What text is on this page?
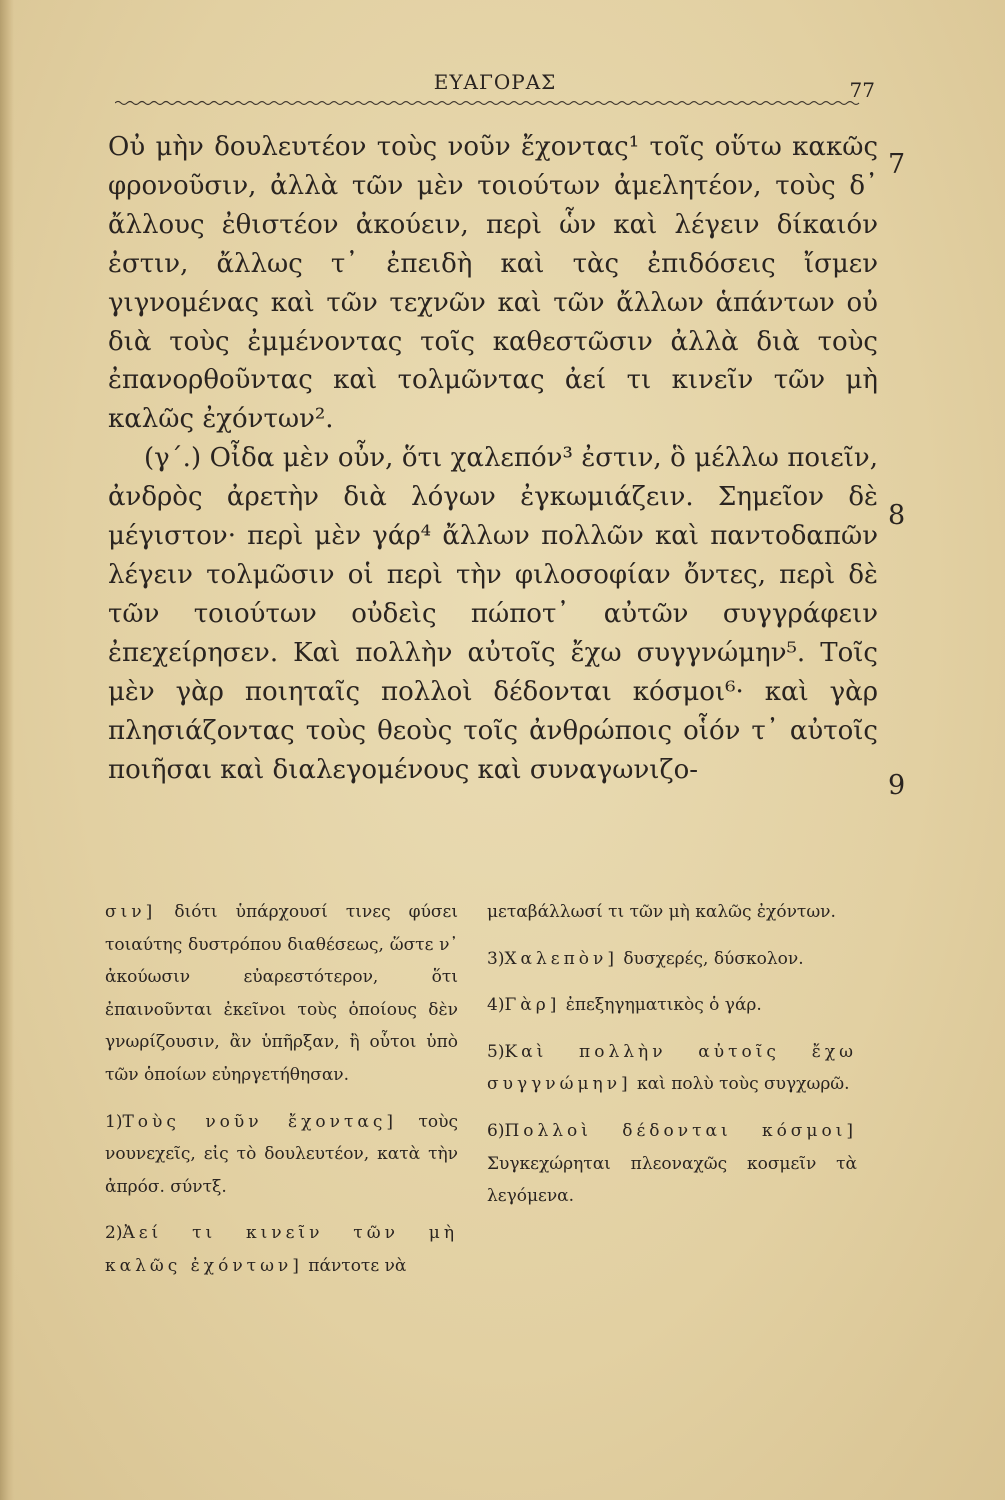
ΕΥΑΓΟΡΑΣ	77

Οὐ μὴν δουλευτέον τοὺς νοῦν ἔχοντας¹ τοῖς οὕτω κακῶς φρονοῦσιν, ἀλλὰ τῶν μὲν τοιούτων ἀμελητέον, τοὺς δ᾽ ἄλλους ἐθιστέον ἀκούειν, περὶ ὧν καὶ λέγειν δίκαιόν ἐστιν, ἄλλως τ᾽ ἐπειδὴ καὶ τὰς ἐπιδόσεις ἴσμεν γιγνομένας καὶ τῶν τεχνῶν καὶ τῶν ἄλλων ἁπάντων οὐ διὰ τοὺς ἐμμένοντας τοῖς καθεστῶσιν ἀλλὰ διὰ τοὺς ἐπανορθοῦντας καὶ τολμῶντας ἀεί τι κινεῖν τῶν μὴ καλῶς ἐχόντων².

(γ΄.) Οἶδα μὲν οὖν, ὅτι χαλεπόν³ ἐστιν, ὃ μέλλω ποιεῖν, ἀνδρὸς ἀρετὴν διὰ λόγων ἐγκωμιάζειν. Σημεῖον δὲ μέγιστον· περὶ μὲν γάρ⁴ ἄλλων πολλῶν καὶ παντοδαπῶν λέγειν τολμῶσιν οἱ περὶ τὴν φιλοσοφίαν ὄντες, περὶ δὲ τῶν τοιούτων οὐδεὶς πώποτ᾽ αὐτῶν συγγράφειν ἐπεχείρησεν. Καὶ πολλὴν αὐτοῖς ἔχω συγγνώμην⁵. Τοῖς μὲν γὰρ ποιηταῖς πολλοὶ δέδονται κόσμοι⁶· καὶ γὰρ πλησιάζοντας τοὺς θεοὺς τοῖς ἀνθρώποις οἷόν τ᾽ αὐτοῖς ποιῆσαι καὶ διαλεγομένους καὶ συναγωνιζο-

7
8
9

σιν] διότι ὑπάρχουσί τινες φύσει τοιαύτης δυστρόπου διαθέσεως, ὥστε ν᾽ ἀκούωσιν εὐαρεστότερον, ὅτι ἐπαινοῦνται ἐκεῖνοι τοὺς ὁποίους δὲν γνωρίζουσιν, ἂν ὑπῆρξαν, ἢ οὗτοι ὑπὸ τῶν ὁποίων εὐηργετήθησαν.

1)Τοὺς νοῦν ἔχοντας] τοὺς νουνεχεῖς, εἰς τὸ δουλευτέον, κατὰ τὴν ἀπρόσ. σύντξ.

2)Ἀεί τι κινεῖν τῶν μὴ καλῶς ἐχόντων] πάντοτε νὰ

μεταβάλλωσί τι τῶν μὴ καλῶς ἐχόντων.

3)Χαλεπὸν] δυσχερές, δύσκολον.

4)Γὰρ] ἐπεξηγηματικὸς ὁ γάρ.

5)Καὶ πολλὴν αὐτοῖς ἔχω συγγνώμην] καὶ πολὺ τοὺς συγχωρῶ.

6)Πολλοὶ δέδονται κόσμοι] Συγκεχώρηται πλεοναχῶς κοσμεῖν τὰ λεγόμενα.
